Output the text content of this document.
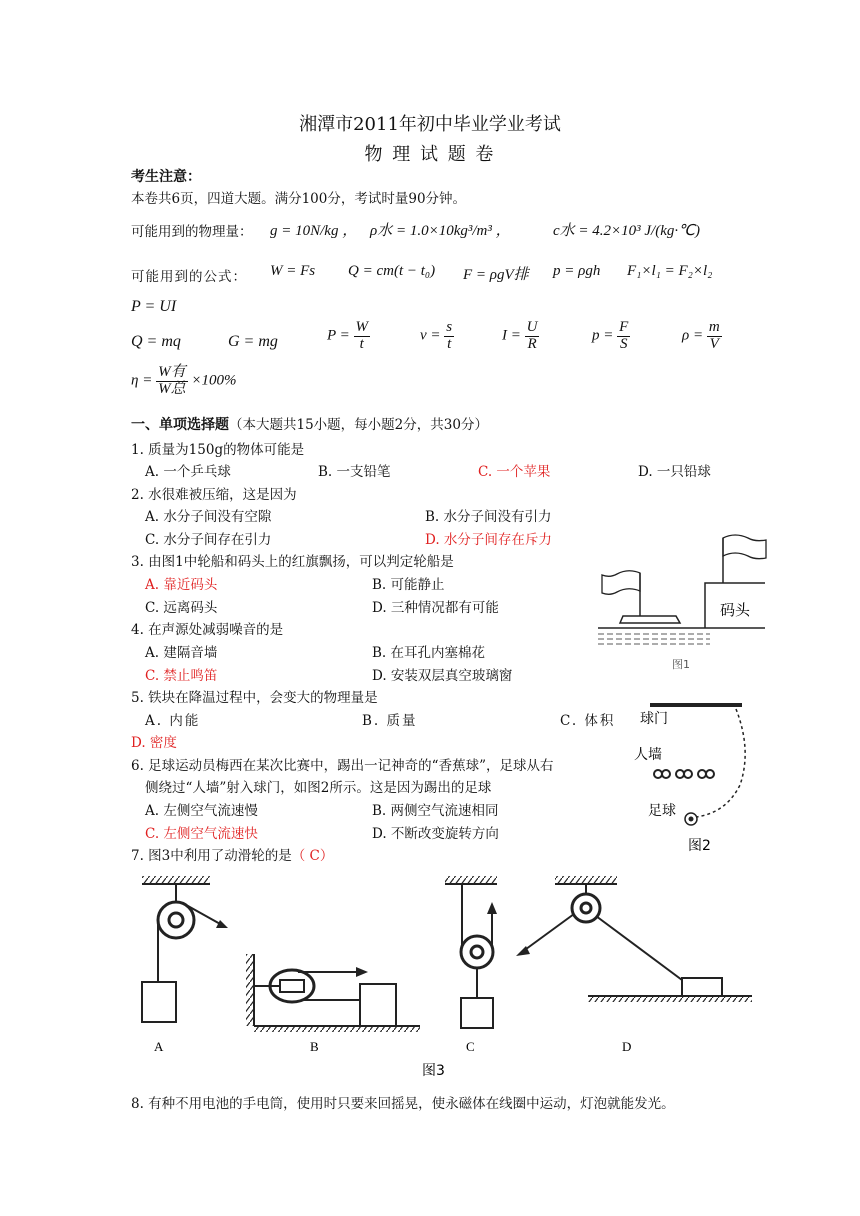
湘潭市2011年初中毕业学业考试
物 理 试 题 卷
考生注意：
本卷共6页，四道大题。满分100分，考试时量90分钟。
可能用到的物理量： g = 10N/kg ， ρ水 = 1.0×10kg³/m³ ，	c水 = 4.2×10³ J/(kg·℃)
可能用到的公式： W = Fs Q = cm(t − t₀) F = ρgV排 p = ρgh F₁×l₁ = F₂×l₂
P = UI
Q = mq	G = mg	$P = \frac{W}{t}$	$v = \frac{s}{t}$	$I = \frac{U}{R}$	$p = \frac{F}{S}$	$\rho = \frac{m}{V}$
$\eta = \frac{\text{W有}}{\text{W总}} \times 100\%$
一、单项选择题（本大题共15小题，每小题2分，共30分）
1. 质量为150g的物体可能是
A. 一个乒乓球	B. 一支铅笔	C. 一个苹果	D. 一只铅球
2. 水很难被压缩，这是因为
A. 水分子间没有空隙	B. 水分子间没有引力
C. 水分子间存在引力	D. 水分子间存在斥力
3. 由图1中轮船和码头上的红旗飘扬，可以判定轮船是
A. 靠近码头	B. 可能静止
C. 远离码头	D. 三种情况都有可能
4. 在声源处减弱噪音的是
A. 建隔音墙	B. 在耳孔内塞棉花
C. 禁止鸣笛	D. 安装双层真空玻璃窗
5. 铁块在降温过程中，会变大的物理量是
A. 内能	B. 质量	C. 体积
D. 密度
6. 足球运动员梅西在某次比赛中，踢出一记神奇的“香蕉球”，足球从右
侧绕过“人墙”射入球门，如图2所示。这是因为踢出的足球
A. 左侧空气流速慢	B. 两侧空气流速相同
C. 左侧空气流速快	D. 不断改变旋转方向
7. 图3中利用了动滑轮的是（ C）
8. 有种不用电池的手电筒，使用时只要来回摇晃，使永磁体在线圈中运动，灯泡就能发光。
码头
图1
球门
人墙
足球
图2
A	B	C	D
图3
